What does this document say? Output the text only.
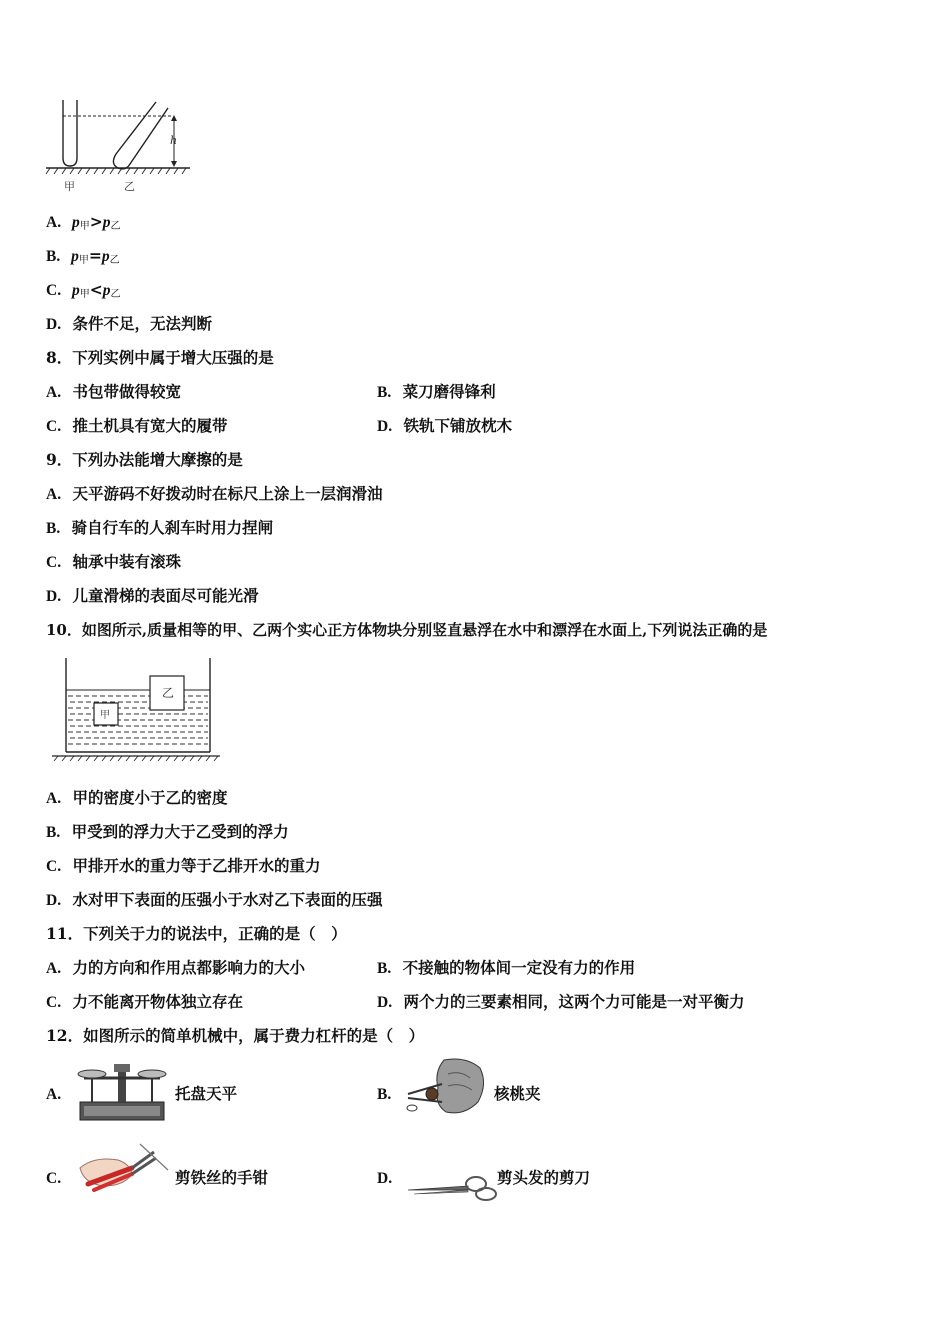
h
甲	乙
A. $p_甲>p_乙$
B. $p_甲=p_乙$
C. $p_甲<p_乙$
D. 条件不足，无法判断
8．下列实例中属于增大压强的是
A. 书包带做得较宽	B. 菜刀磨得锋利
C. 推土机具有宽大的履带	D. 铁轨下铺放枕木
9．下列办法能增大摩擦的是
A. 天平游码不好拨动时在标尺上涂上一层润滑油
B. 骑自行车的人刹车时用力捏闸
C. 轴承中装有滚珠
D. 儿童滑梯的表面尽可能光滑
10．如图所示,质量相等的甲、乙两个实心正方体物块分别竖直悬浮在水中和漂浮在水面上,下列说法正确的是
甲
乙
A. 甲的密度小于乙的密度
B. 甲受到的浮力大于乙受到的浮力
C. 甲排开水的重力等于乙排开水的重力
D. 水对甲下表面的压强小于水对乙下表面的压强
11．下列关于力的说法中，正确的是（　）
A. 力的方向和作用点都影响力的大小	B. 不接触的物体间一定没有力的作用
C. 力不能离开物体独立存在	D. 两个力的三要素相同，这两个力可能是一对平衡力
12．如图所示的简单机械中，属于费力杠杆的是（　）
A.	托盘天平	B.	核桃夹
C.	剪铁丝的手钳	D.	剪头发的剪刀
